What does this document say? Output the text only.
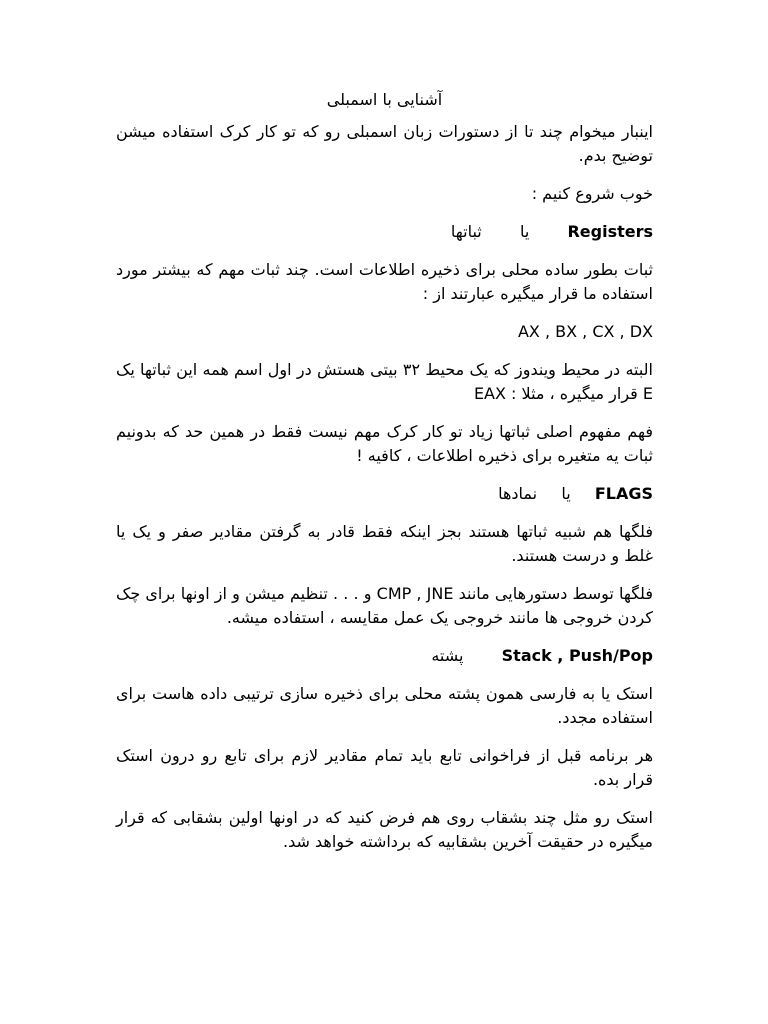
آشنایی با اسمبلی

اینبار میخوام چند تا از دستورات زبان اسمبلی رو که تو کار کرک استفاده میشن توضیح بدم.

خوب شروع کنیم :

Registers  یا  ثباتها

ثبات بطور ساده محلی برای ذخیره اطلاعات است. چند ثبات مهم که بیشتر مورد استفاده ما قرار میگیره عبارتند از :

AX , BX , CX , DX

البته در محیط ویندوز که یک محیط ۳۲ بیتی هستش در اول اسم همه این ثباتها یک E قرار میگیره ، مثلا : EAX

فهم مفهوم اصلی ثباتها زیاد تو کار کرک مهم نیست فقط در همین حد که بدونیم ثبات یه متغیره برای ذخیره اطلاعات ، کافیه !

FLAGS  یا  نمادها

فلگها هم شبیه ثباتها هستند بجز اینکه فقط قادر به گرفتن مقادیر صفر و یک یا غلط و درست هستند.

فلگها توسط دستورهایی مانند CMP , JNE و . . . تنظیم میشن و از اونها برای چک کردن خروجی ها مانند خروجی یک عمل مقایسه ، استفاده میشه.

Stack , Push/Pop  پشته

استک یا به فارسی همون پشته محلی برای ذخیره سازی ترتیبی داده هاست برای استفاده مجدد.

هر برنامه قبل از فراخوانی تابع باید تمام مقادیر لازم برای تابع رو درون استک قرار بده.

استک رو مثل چند بشقاب روی هم فرض کنید که در اونها اولین بشقابی که قرار میگیره در حقیقت آخرین بشقابیه که برداشته خواهد شد.
